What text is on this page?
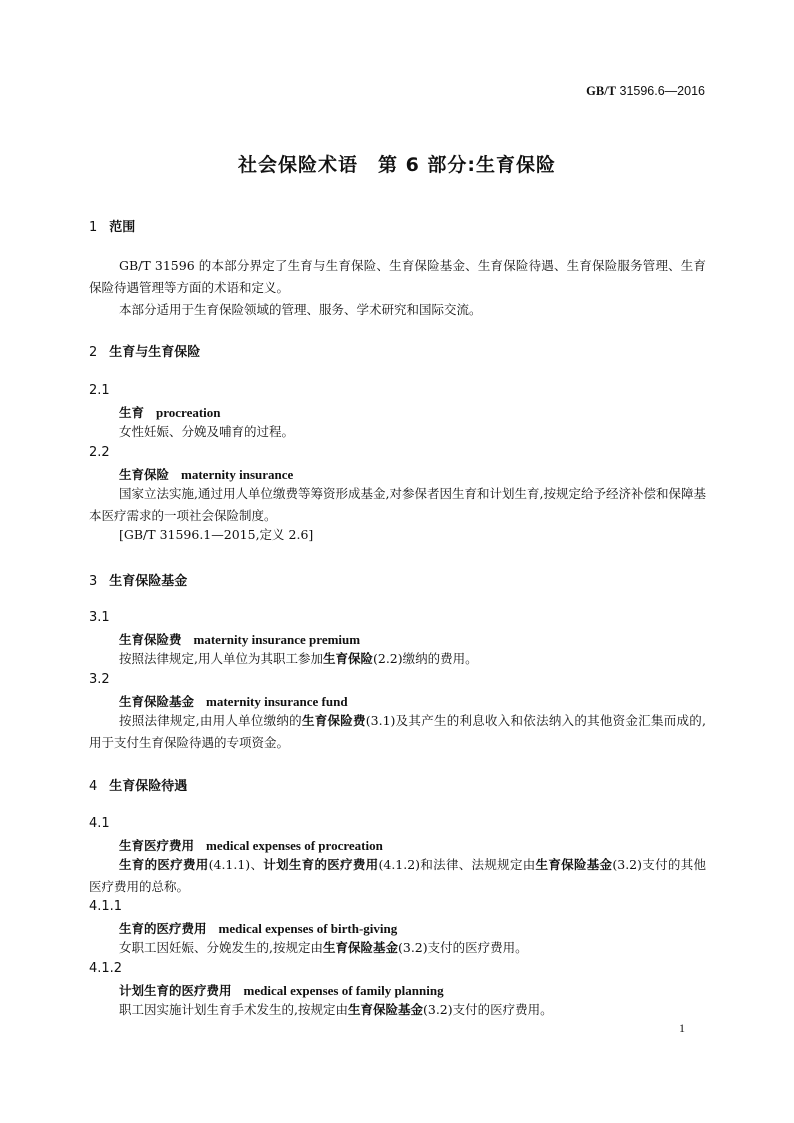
GB/T 31596.6—2016
社会保险术语　第 6 部分:生育保险
1 范围
GB/T 31596 的本部分界定了生育与生育保险、生育保险基金、生育保险待遇、生育保险服务管理、生育保险待遇管理等方面的术语和定义。
本部分适用于生育保险领域的管理、服务、学术研究和国际交流。
2 生育与生育保险
2.1
生育 procreation
女性妊娠、分娩及哺育的过程。
2.2
生育保险 maternity insurance
国家立法实施,通过用人单位缴费等筹资形成基金,对参保者因生育和计划生育,按规定给予经济补偿和保障基本医疗需求的一项社会保险制度。
[GB/T 31596.1—2015,定义 2.6]
3 生育保险基金
3.1
生育保险费 maternity insurance premium
按照法律规定,用人单位为其职工参加生育保险(2.2)缴纳的费用。
3.2
生育保险基金 maternity insurance fund
按照法律规定,由用人单位缴纳的生育保险费(3.1)及其产生的利息收入和依法纳入的其他资金汇集而成的,用于支付生育保险待遇的专项资金。
4 生育保险待遇
4.1
生育医疗费用 medical expenses of procreation
生育的医疗费用(4.1.1)、计划生育的医疗费用(4.1.2)和法律、法规规定由生育保险基金(3.2)支付的其他医疗费用的总称。
4.1.1
生育的医疗费用 medical expenses of birth-giving
女职工因妊娠、分娩发生的,按规定由生育保险基金(3.2)支付的医疗费用。
4.1.2
计划生育的医疗费用 medical expenses of family planning
职工因实施计划生育手术发生的,按规定由生育保险基金(3.2)支付的医疗费用。
1
